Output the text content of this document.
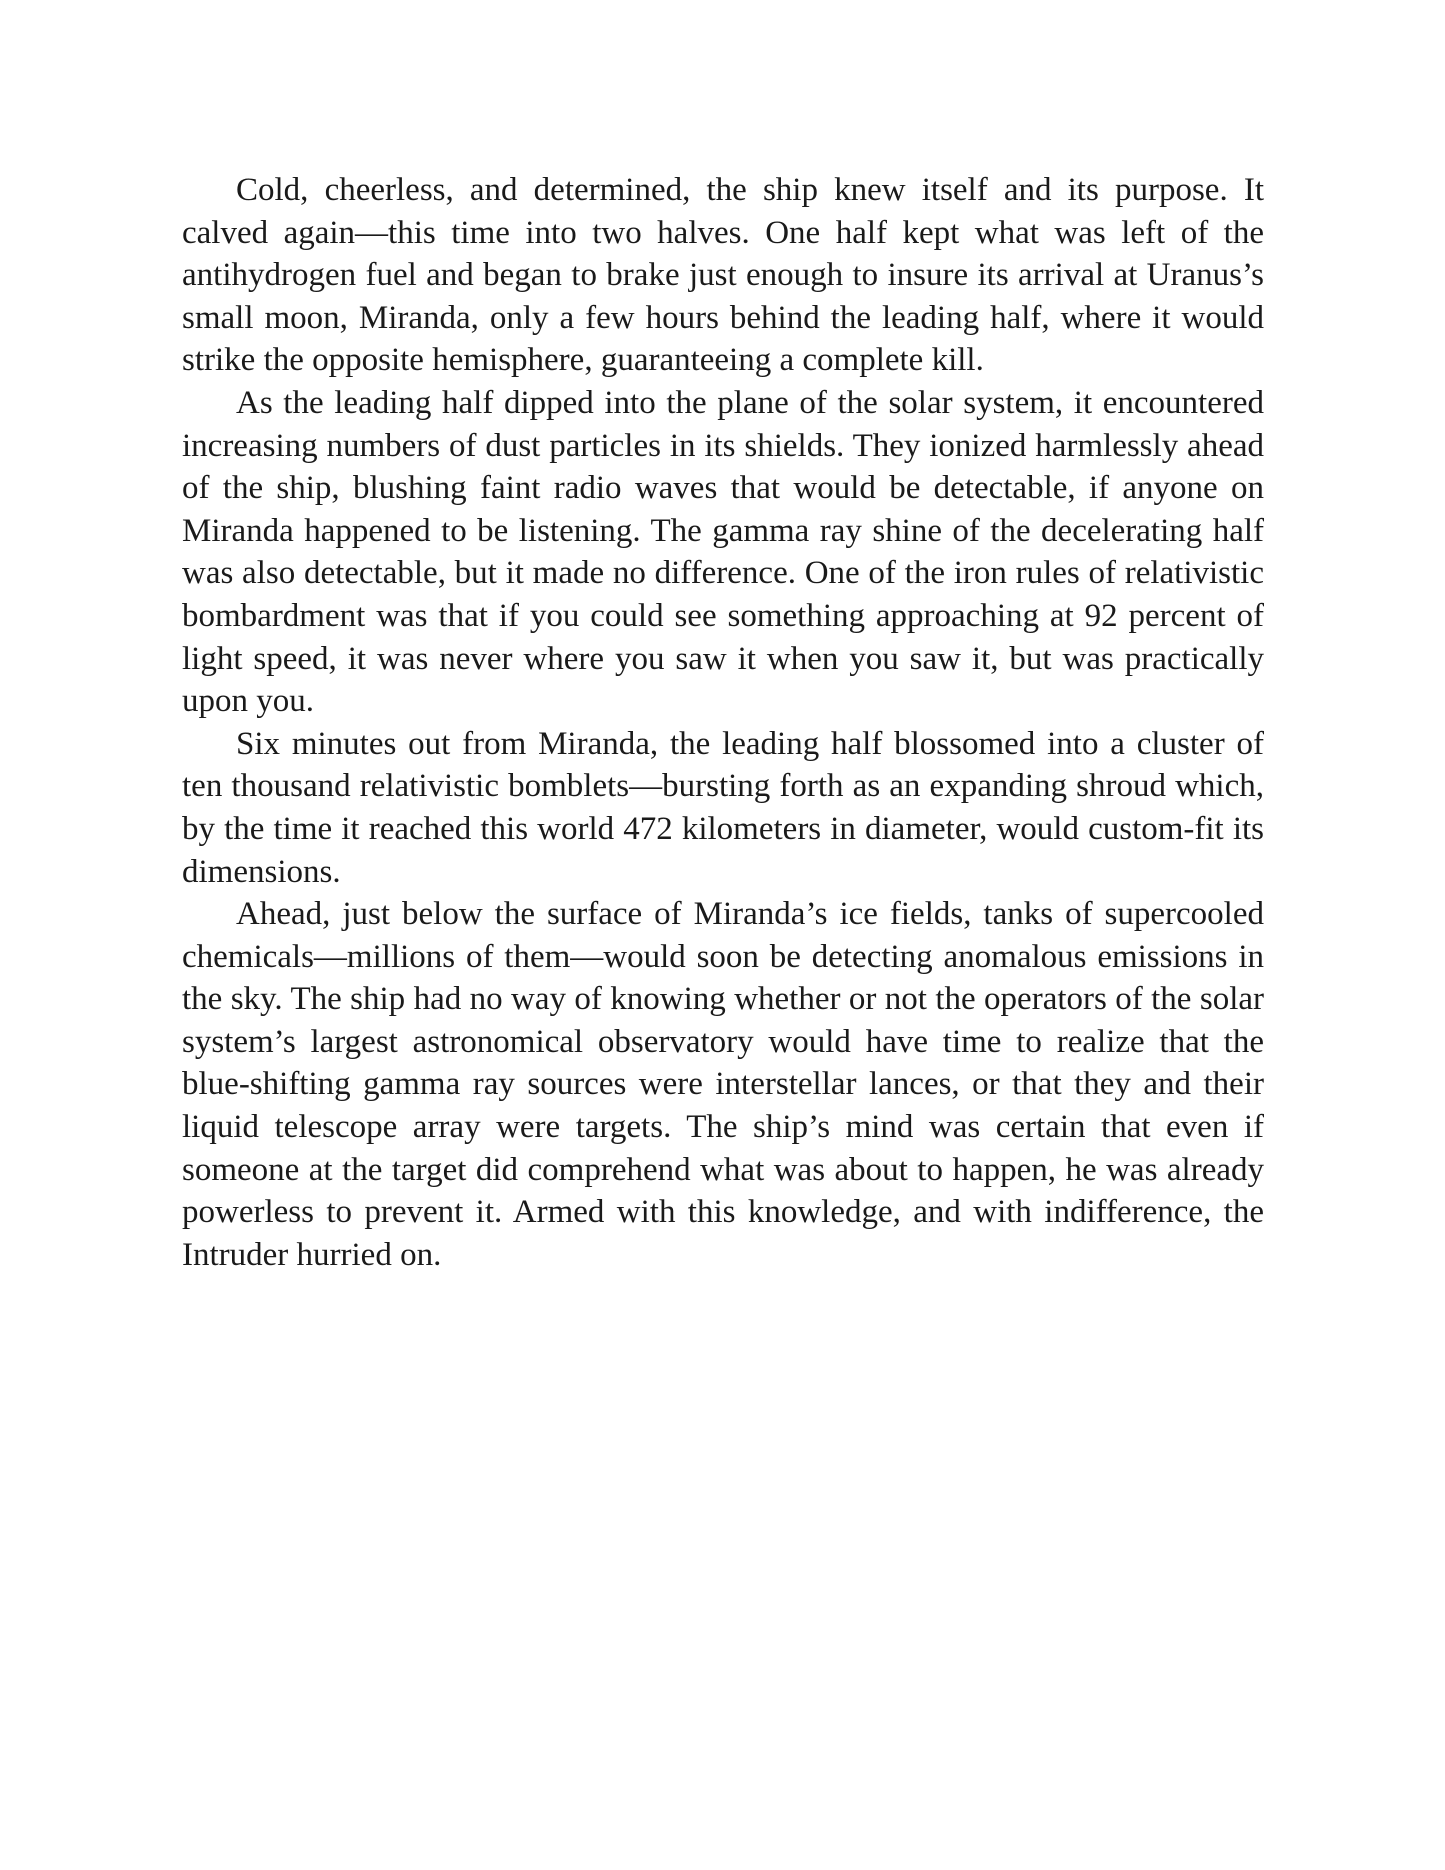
Cold, cheerless, and determined, the ship knew itself and its purpose. It calved again—this time into two halves. One half kept what was left of the antihydrogen fuel and began to brake just enough to insure its arrival at Uranus’s small moon, Miranda, only a few hours behind the leading half, where it would strike the opposite hemisphere, guaranteeing a complete kill.

As the leading half dipped into the plane of the solar system, it encountered increasing numbers of dust particles in its shields. They ionized harmlessly ahead of the ship, blushing faint radio waves that would be detectable, if anyone on Miranda happened to be listening. The gamma ray shine of the decelerating half was also detectable, but it made no difference. One of the iron rules of relativistic bombardment was that if you could see something approaching at 92 percent of light speed, it was never where you saw it when you saw it, but was practically upon you.

Six minutes out from Miranda, the leading half blossomed into a cluster of ten thousand relativistic bomblets—bursting forth as an expanding shroud which, by the time it reached this world 472 kilometers in diameter, would custom-fit its dimensions.

Ahead, just below the surface of Miranda’s ice fields, tanks of supercooled chemicals—millions of them—would soon be detecting anomalous emissions in the sky. The ship had no way of knowing whether or not the operators of the solar system’s largest astronomical observatory would have time to realize that the blue-shifting gamma ray sources were interstellar lances, or that they and their liquid telescope array were targets. The ship’s mind was certain that even if someone at the target did comprehend what was about to happen, he was already powerless to prevent it. Armed with this knowledge, and with indifference, the Intruder hurried on.
